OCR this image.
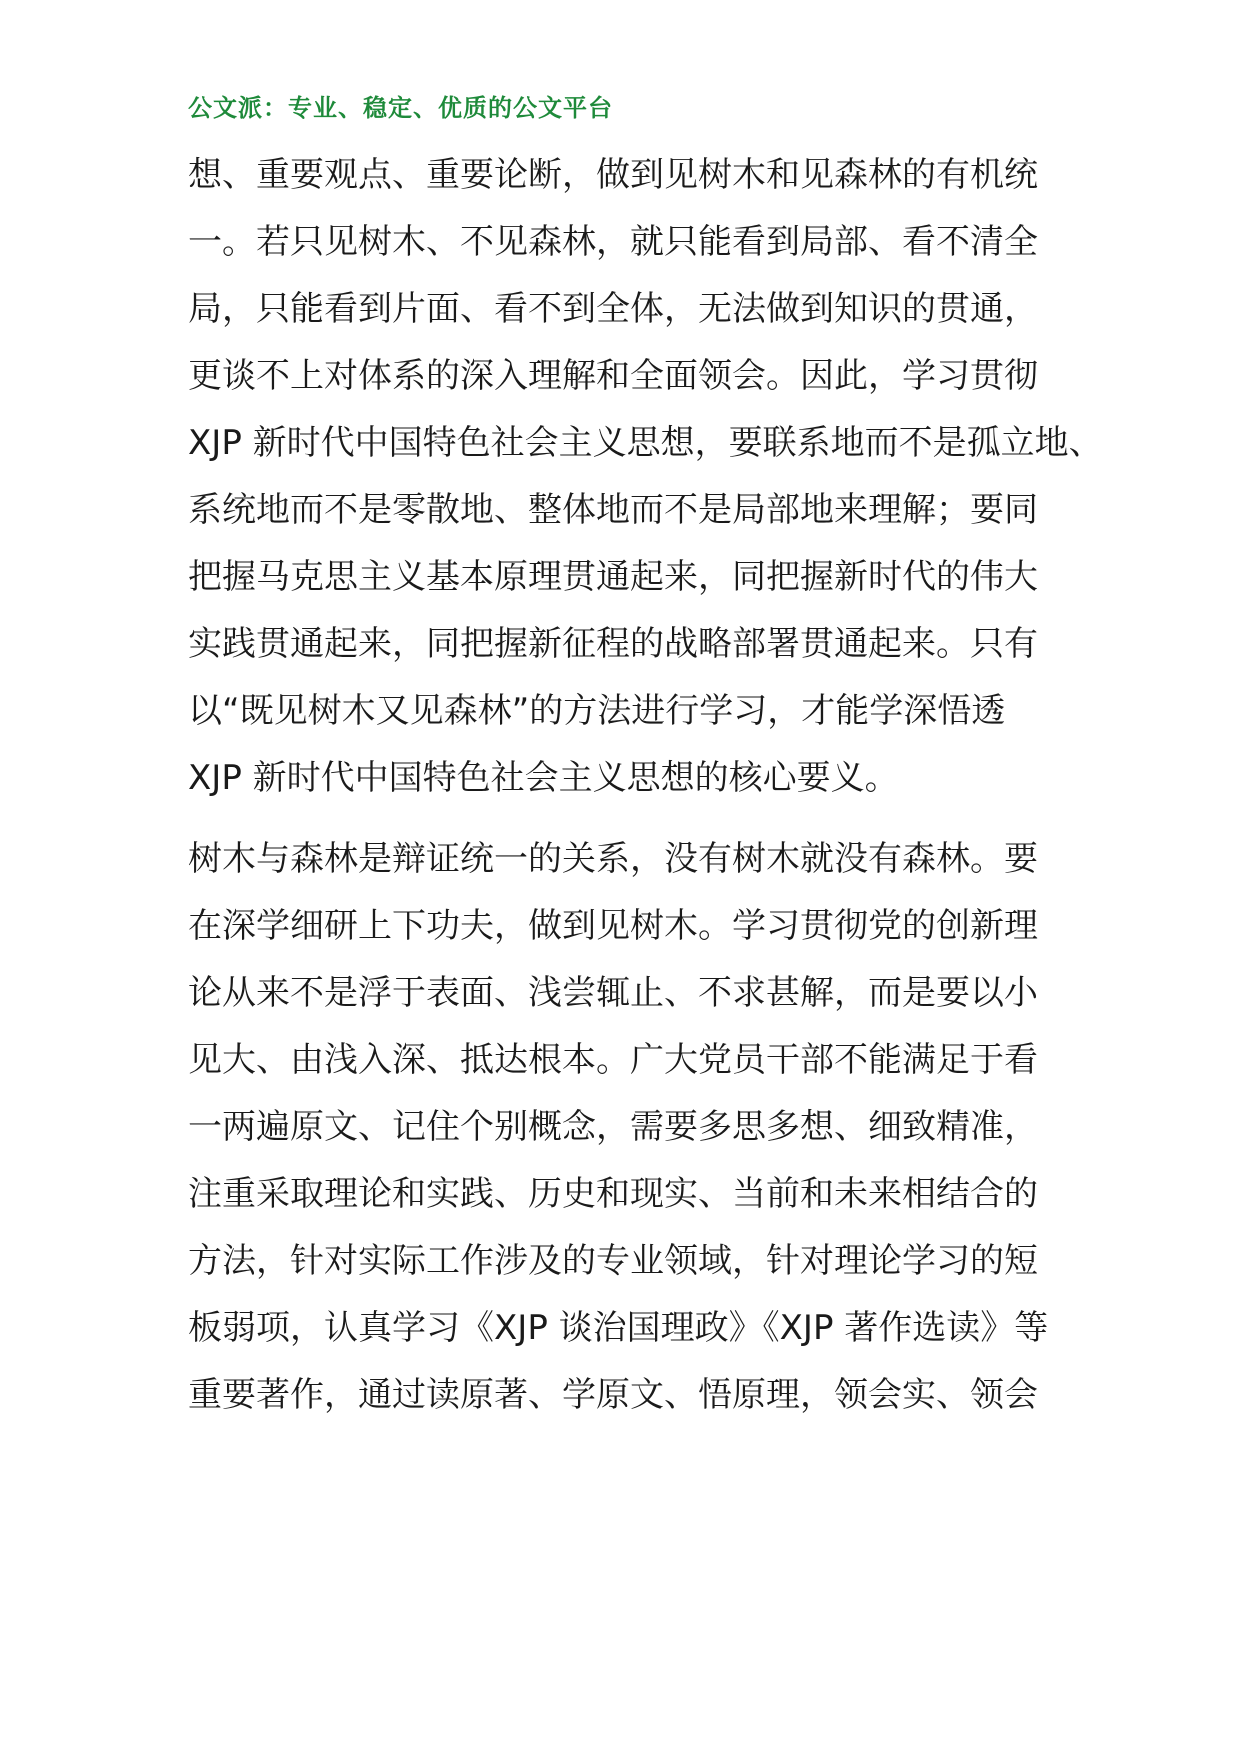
公文派：专业、稳定、优质的公文平台
想、重要观点、重要论断，做到见树木和见森林的有机统
一。若只见树木、不见森林，就只能看到局部、看不清全
局，只能看到片面、看不到全体，无法做到知识的贯通，
更谈不上对体系的深入理解和全面领会。因此，学习贯彻
XJP 新时代中国特色社会主义思想，要联系地而不是孤立地、
系统地而不是零散地、整体地而不是局部地来理解；要同
把握马克思主义基本原理贯通起来，同把握新时代的伟大
实践贯通起来，同把握新征程的战略部署贯通起来。只有
以“既见树木又见森林”的方法进行学习，才能学深悟透
XJP 新时代中国特色社会主义思想的核心要义。
树木与森林是辩证统一的关系，没有树木就没有森林。要
在深学细研上下功夫，做到见树木。学习贯彻党的创新理
论从来不是浮于表面、浅尝辄止、不求甚解，而是要以小
见大、由浅入深、抵达根本。广大党员干部不能满足于看
一两遍原文、记住个别概念，需要多思多想、细致精准，
注重采取理论和实践、历史和现实、当前和未来相结合的
方法，针对实际工作涉及的专业领域，针对理论学习的短
板弱项，认真学习《XJP 谈治国理政》《XJP 著作选读》等
重要著作，通过读原著、学原文、悟原理，领会实、领会
